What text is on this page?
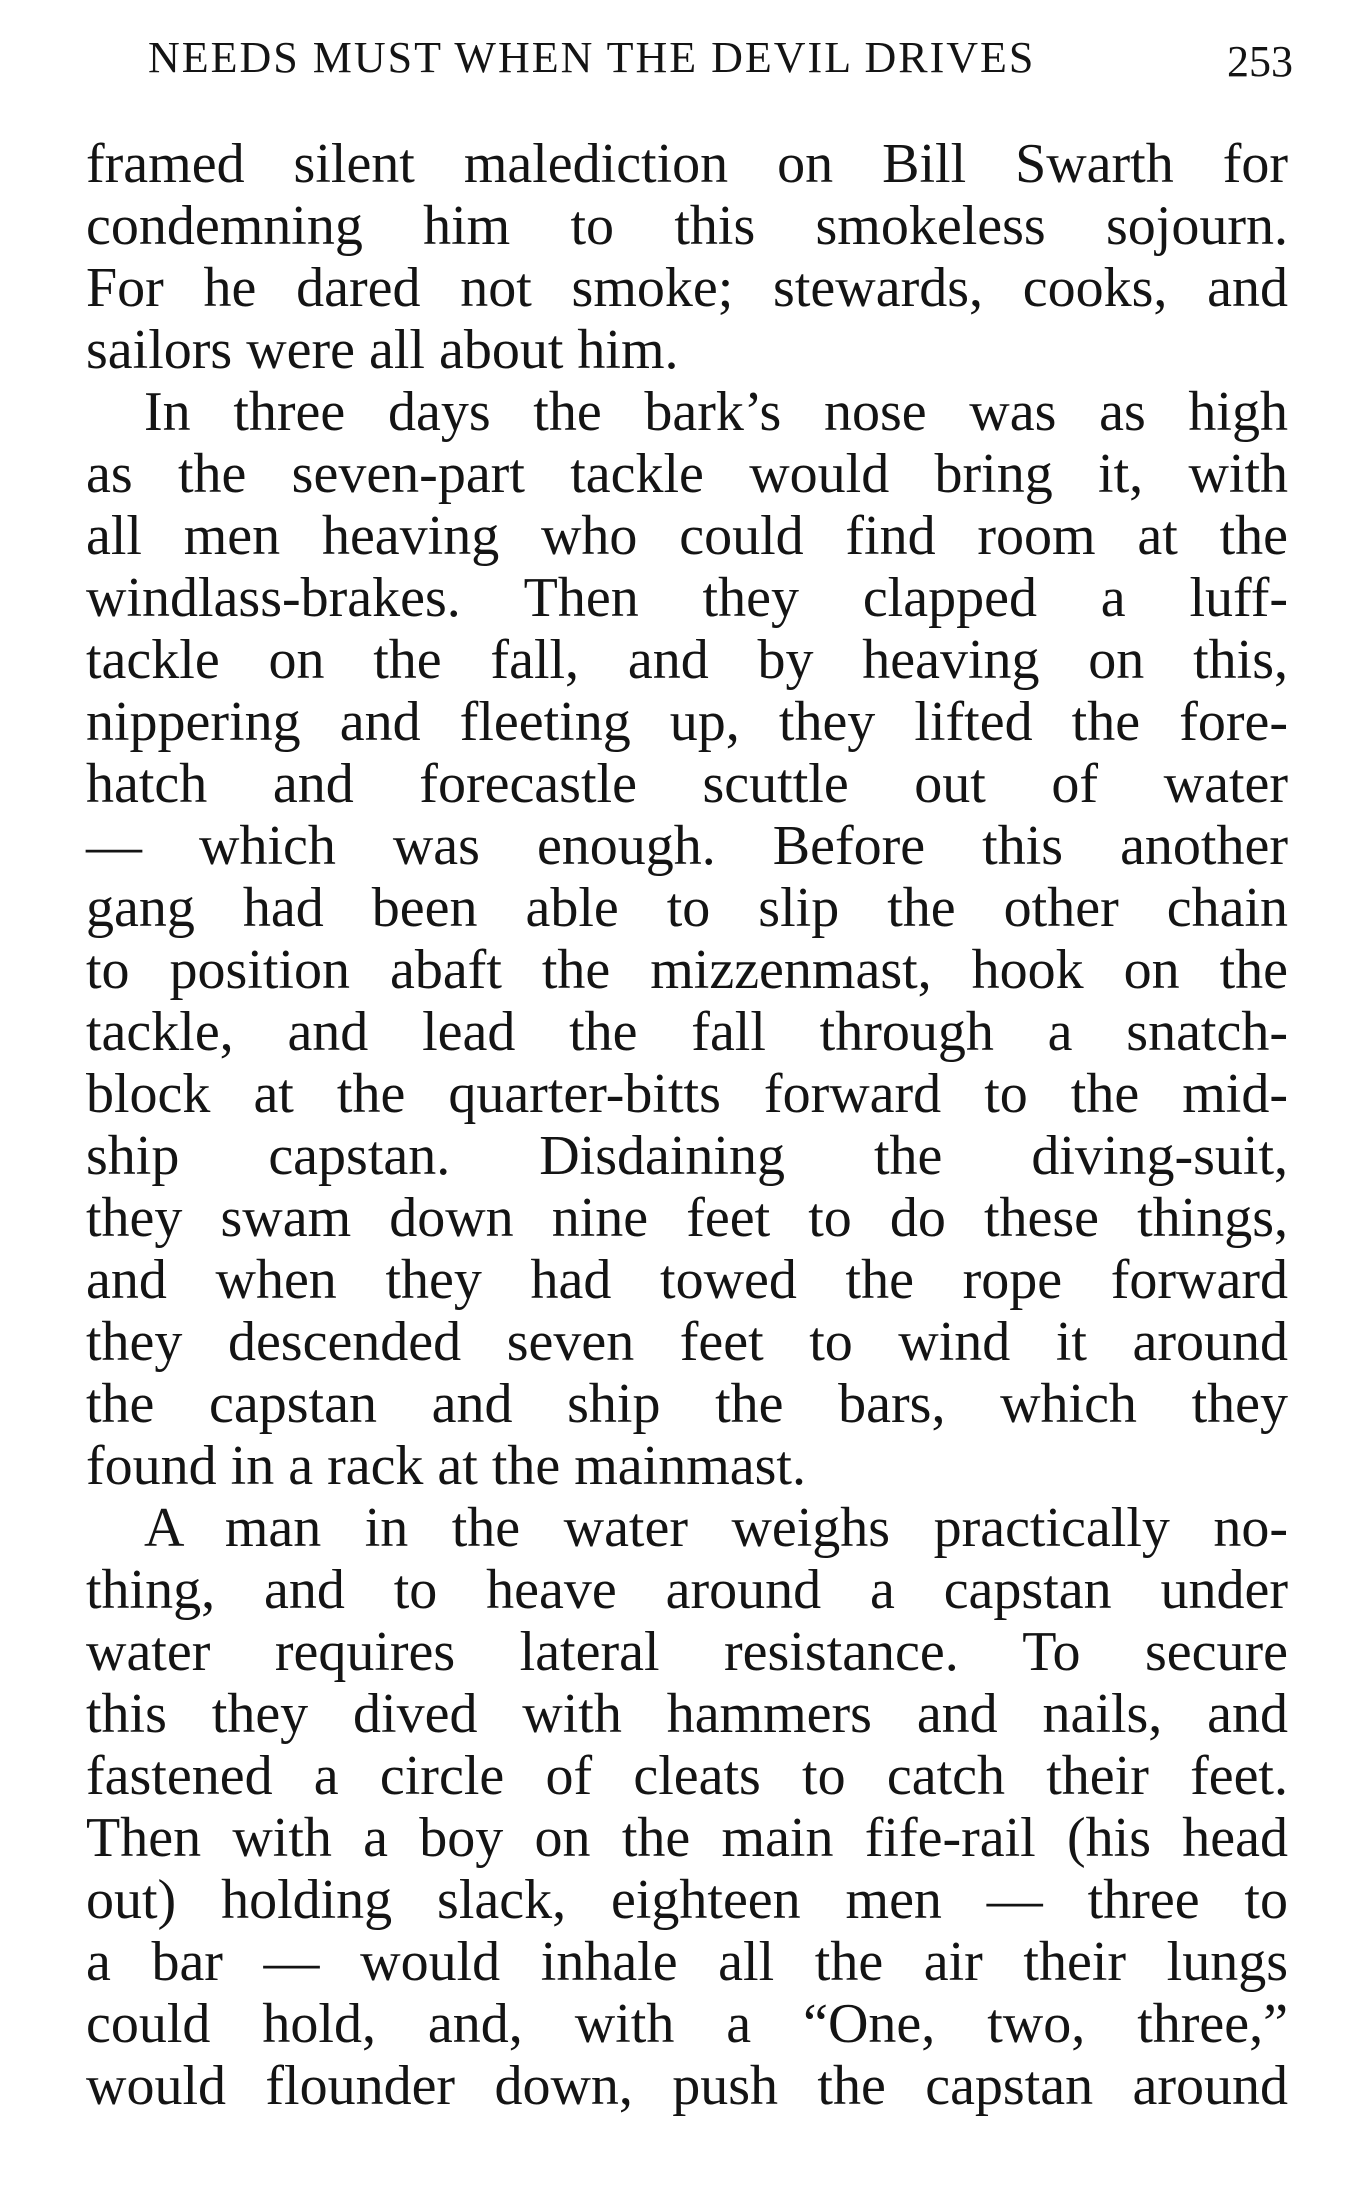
NEEDS MUST WHEN THE DEVIL DRIVES	253
framed silent malediction on Bill Swarth for
condemning him to this smokeless sojourn.
For he dared not smoke; stewards, cooks, and
sailors were all about him.
In three days the bark’s nose was as high
as the seven-part tackle would bring it, with
all men heaving who could find room at the
windlass-brakes. Then they clapped a luff-
tackle on the fall, and by heaving on this,
nippering and fleeting up, they lifted the fore-
hatch and forecastle scuttle out of water
— which was enough. Before this another
gang had been able to slip the other chain
to position abaft the mizzenmast, hook on the
tackle, and lead the fall through a snatch-
block at the quarter-bitts forward to the mid-
ship capstan. Disdaining the diving-suit,
they swam down nine feet to do these things,
and when they had towed the rope forward
they descended seven feet to wind it around
the capstan and ship the bars, which they
found in a rack at the mainmast.
A man in the water weighs practically no-
thing, and to heave around a capstan under
water requires lateral resistance. To secure
this they dived with hammers and nails, and
fastened a circle of cleats to catch their feet.
Then with a boy on the main fife-rail (his head
out) holding slack, eighteen men — three to
a bar — would inhale all the air their lungs
could hold, and, with a “One, two, three,”
would flounder down, push the capstan around
